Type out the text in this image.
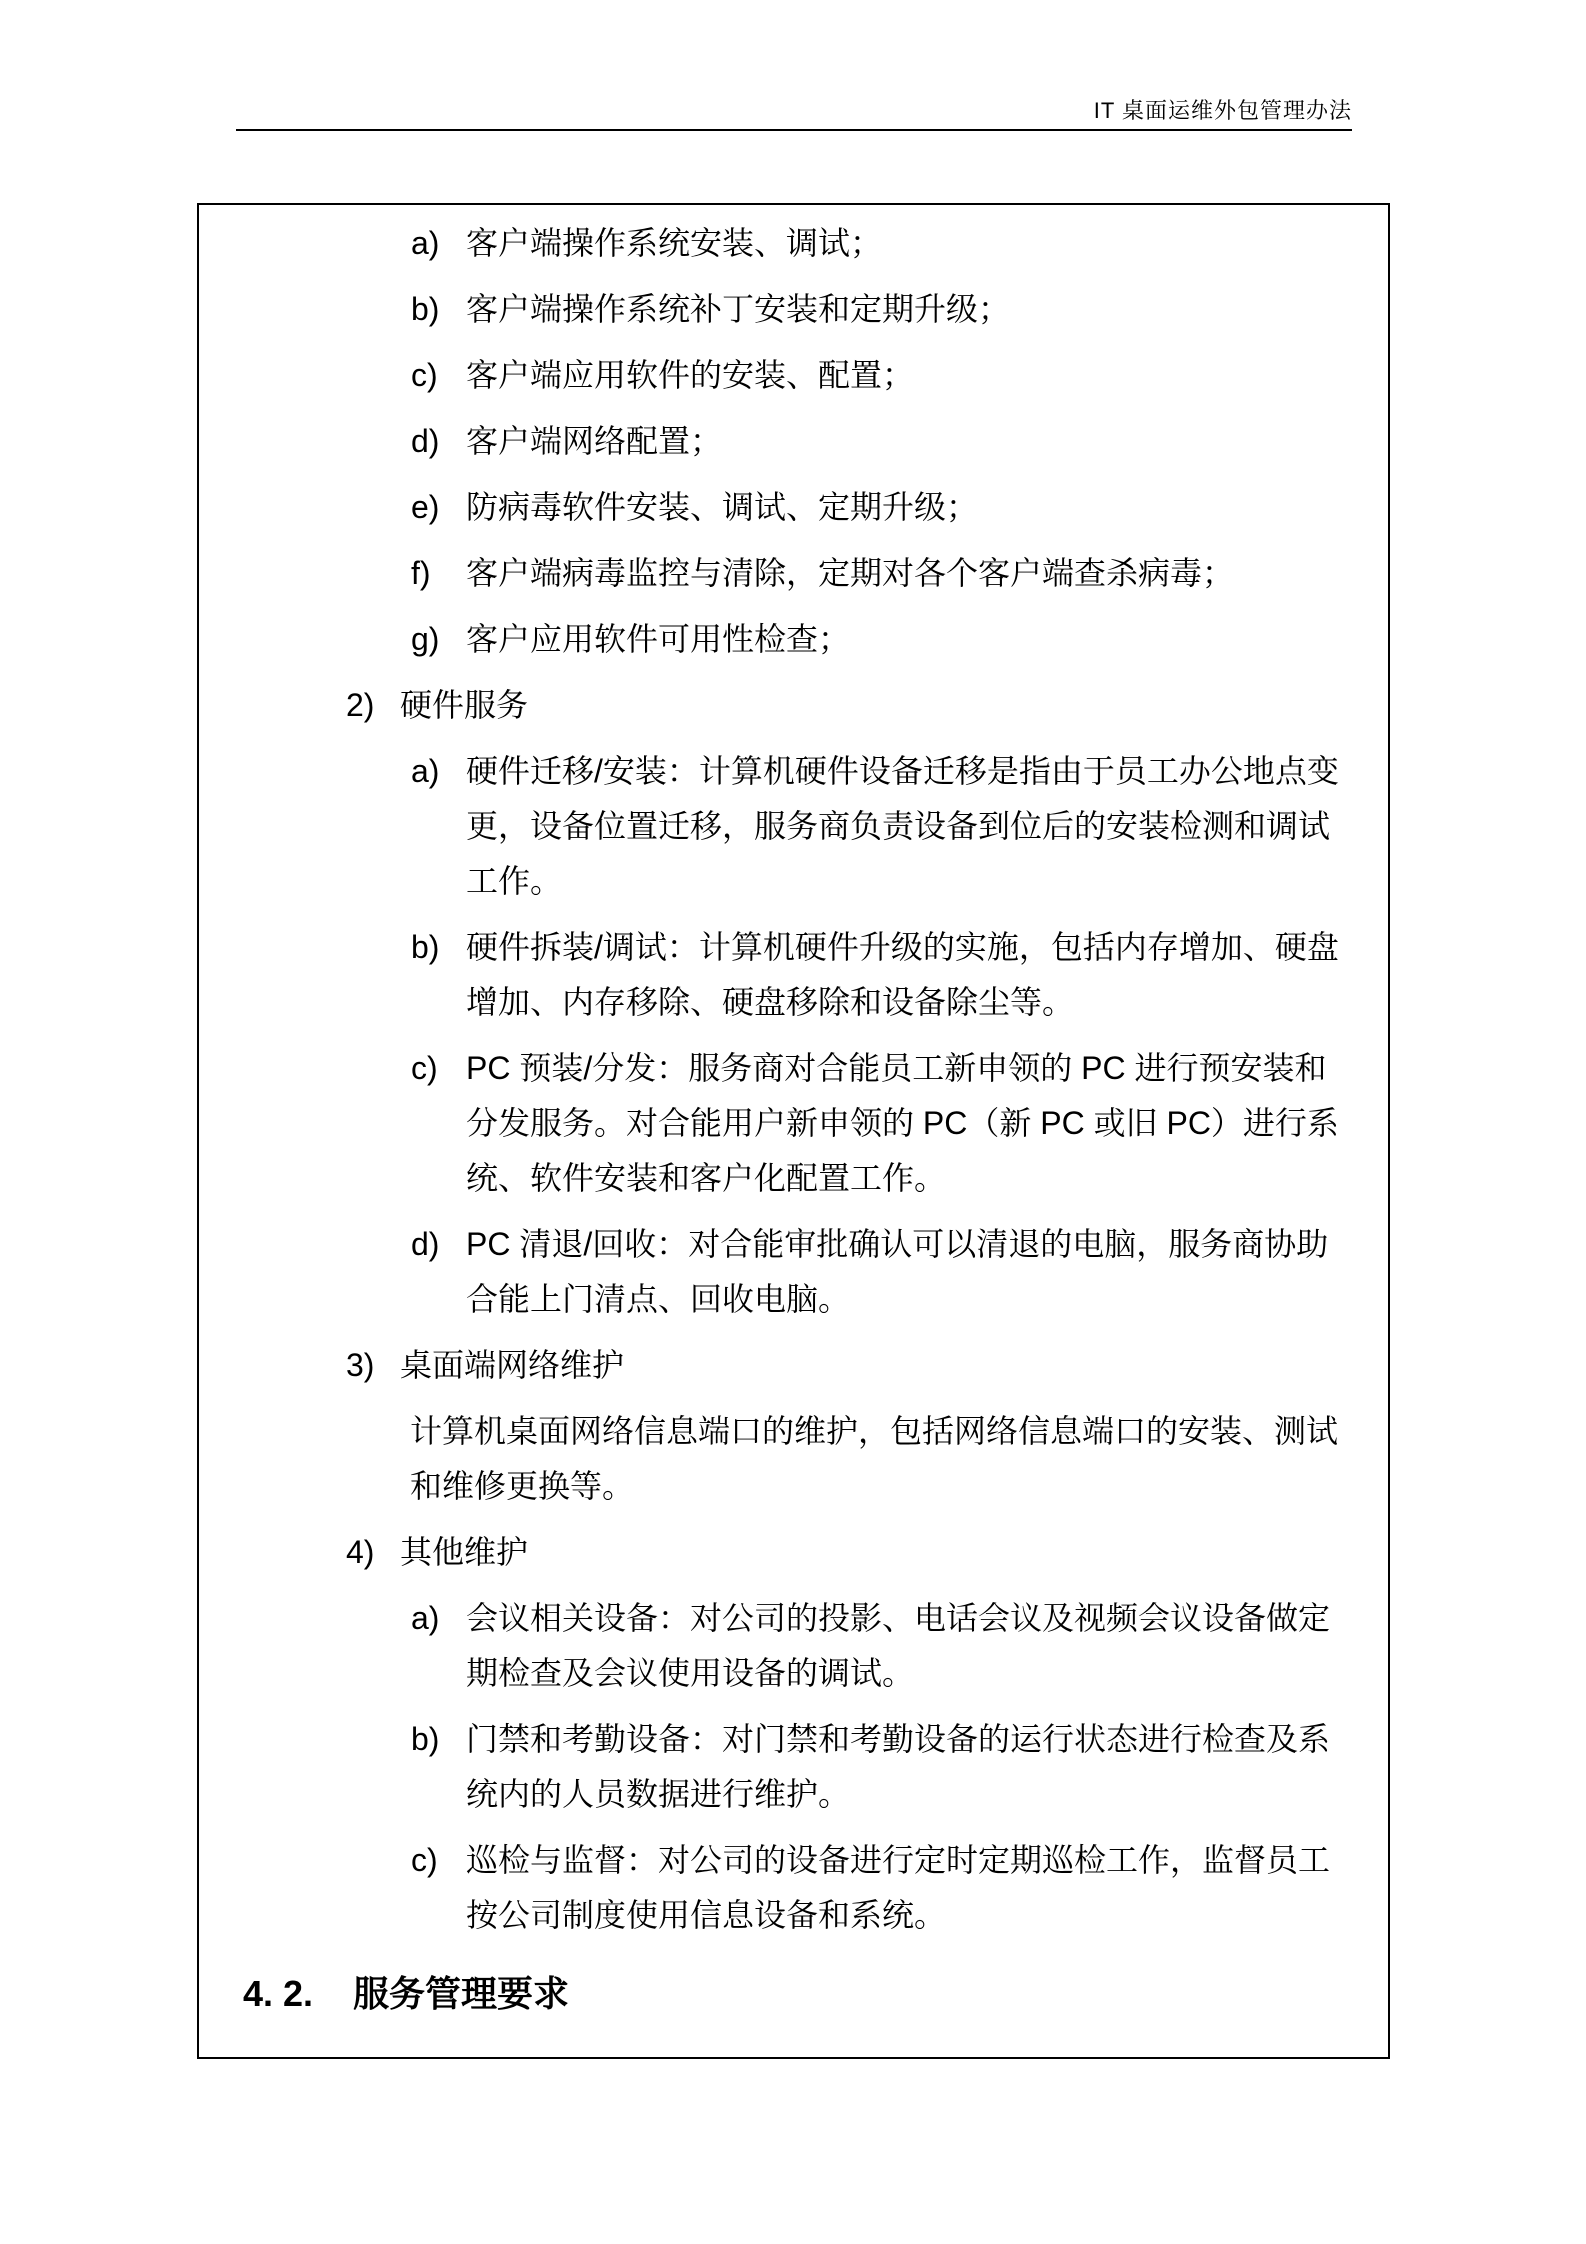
IT 桌面运维外包管理办法
a) 客户端操作系统安装、调试；
b) 客户端操作系统补丁安装和定期升级；
c) 客户端应用软件的安装、配置；
d) 客户端网络配置；
e) 防病毒软件安装、调试、定期升级；
f)	客户端病毒监控与清除，定期对各个客户端查杀病毒；
g) 客户应用软件可用性检查；
2) 硬件服务
a) 硬件迁移/安装：计算机硬件设备迁移是指由于员工办公地点变更，设备位置迁移，服务商负责设备到位后的安装检测和调试工作。
b) 硬件拆装/调试：计算机硬件升级的实施，包括内存增加、硬盘增加、内存移除、硬盘移除和设备除尘等。
c) PC 预装/分发：服务商对合能员工新申领的 PC 进行预安装和分发服务。对合能用户新申领的 PC（新 PC 或旧 PC）进行系统、软件安装和客户化配置工作。
d) PC 清退/回收：对合能审批确认可以清退的电脑，服务商协助合能上门清点、回收电脑。
3) 桌面端网络维护
计算机桌面网络信息端口的维护，包括网络信息端口的安装、测试和维修更换等。
4) 其他维护
a) 会议相关设备：对公司的投影、电话会议及视频会议设备做定期检查及会议使用设备的调试。
b) 门禁和考勤设备：对门禁和考勤设备的运行状态进行检查及系统内的人员数据进行维护。
c) 巡检与监督：对公司的设备进行定时定期巡检工作，监督员工按公司制度使用信息设备和系统。
4. 2.	服务管理要求
